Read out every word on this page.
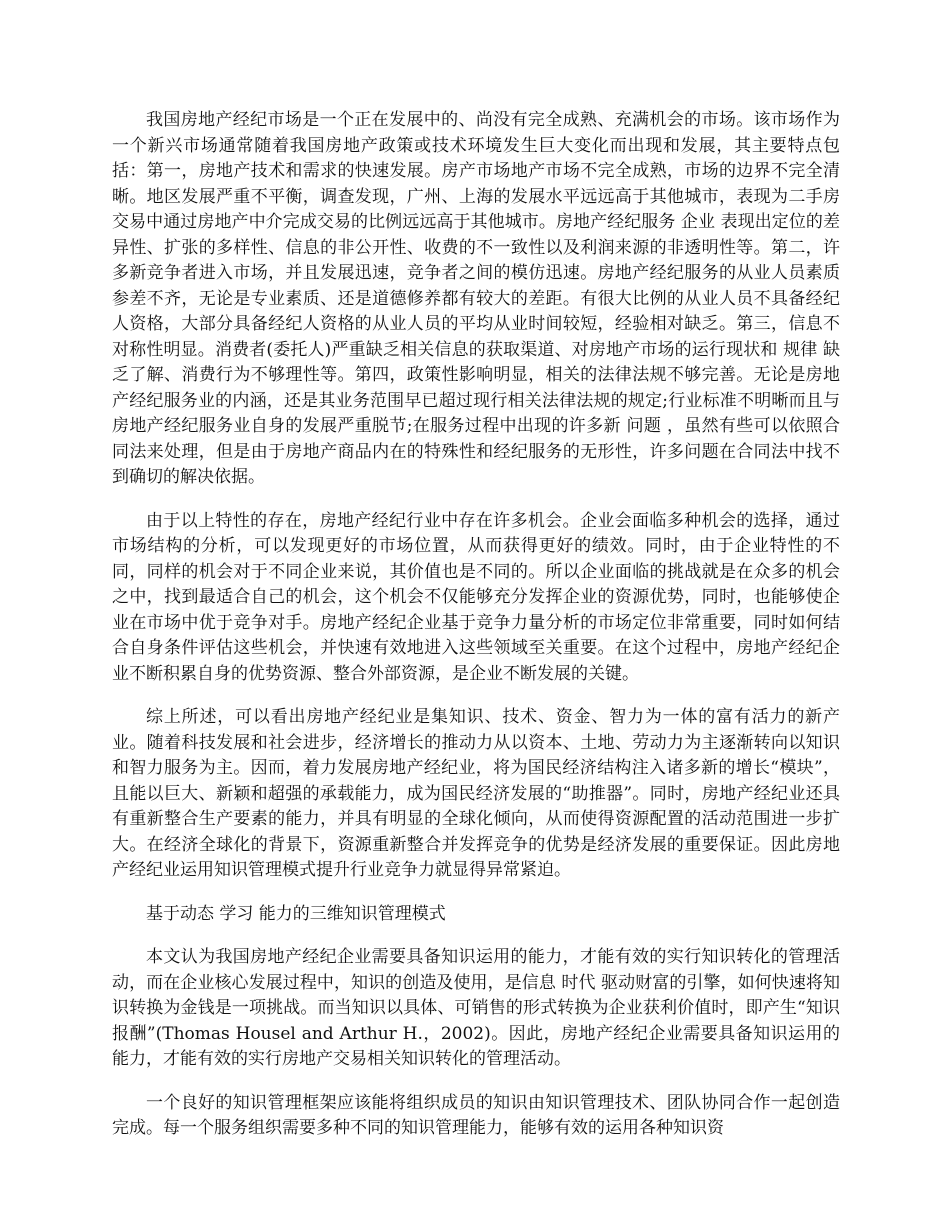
我国房地产经纪市场是一个正在发展中的、尚没有完全成熟、充满机会的市场。该市场作为一个新兴市场通常随着我国房地产政策或技术环境发生巨大变化而出现和发展，其主要特点包括：第一，房地产技术和需求的快速发展。房产市场地产市场不完全成熟，市场的边界不完全清晰。地区发展严重不平衡，调查发现，广州、上海的发展水平远远高于其他城市，表现为二手房交易中通过房地产中介完成交易的比例远远高于其他城市。房地产经纪服务 企业 表现出定位的差异性、扩张的多样性、信息的非公开性、收费的不一致性以及利润来源的非透明性等。第二，许多新竞争者进入市场，并且发展迅速，竞争者之间的模仿迅速。房地产经纪服务的从业人员素质参差不齐，无论是专业素质、还是道德修养都有较大的差距。有很大比例的从业人员不具备经纪人资格，大部分具备经纪人资格的从业人员的平均从业时间较短，经验相对缺乏。第三，信息不对称性明显。消费者(委托人)严重缺乏相关信息的获取渠道、对房地产市场的运行现状和 规律 缺乏了解、消费行为不够理性等。第四，政策性影响明显，相关的法律法规不够完善。无论是房地产经纪服务业的内涵，还是其业务范围早已超过现行相关法律法规的规定;行业标准不明晰而且与房地产经纪服务业自身的发展严重脱节;在服务过程中出现的许多新 问题 ，虽然有些可以依照合同法来处理，但是由于房地产商品内在的特殊性和经纪服务的无形性，许多问题在合同法中找不到确切的解决依据。

由于以上特性的存在，房地产经纪行业中存在许多机会。企业会面临多种机会的选择，通过市场结构的分析，可以发现更好的市场位置，从而获得更好的绩效。同时，由于企业特性的不同，同样的机会对于不同企业来说，其价值也是不同的。所以企业面临的挑战就是在众多的机会之中，找到最适合自己的机会，这个机会不仅能够充分发挥企业的资源优势，同时，也能够使企业在市场中优于竞争对手。房地产经纪企业基于竞争力量分析的市场定位非常重要，同时如何结合自身条件评估这些机会，并快速有效地进入这些领域至关重要。在这个过程中，房地产经纪企业不断积累自身的优势资源、整合外部资源，是企业不断发展的关键。

综上所述，可以看出房地产经纪业是集知识、技术、资金、智力为一体的富有活力的新产业。随着科技发展和社会进步，经济增长的推动力从以资本、土地、劳动力为主逐渐转向以知识和智力服务为主。因而，着力发展房地产经纪业，将为国民经济结构注入诸多新的增长“模块”，且能以巨大、新颖和超强的承载能力，成为国民经济发展的“助推器”。同时，房地产经纪业还具有重新整合生产要素的能力，并具有明显的全球化倾向，从而使得资源配置的活动范围进一步扩大。在经济全球化的背景下，资源重新整合并发挥竞争的优势是经济发展的重要保证。因此房地产经纪业运用知识管理模式提升行业竞争力就显得异常紧迫。

基于动态 学习 能力的三维知识管理模式

本文认为我国房地产经纪企业需要具备知识运用的能力，才能有效的实行知识转化的管理活动，而在企业核心发展过程中，知识的创造及使用，是信息 时代 驱动财富的引擎，如何快速将知识转换为金钱是一项挑战。而当知识以具体、可销售的形式转换为企业获利价值时，即产生“知识报酬”(Thomas Housel and Arthur H.，2002)。因此，房地产经纪企业需要具备知识运用的能力，才能有效的实行房地产交易相关知识转化的管理活动。

一个良好的知识管理框架应该能将组织成员的知识由知识管理技术、团队协同合作一起创造完成。每一个服务组织需要多种不同的知识管理能力，能够有效的运用各种知识资
